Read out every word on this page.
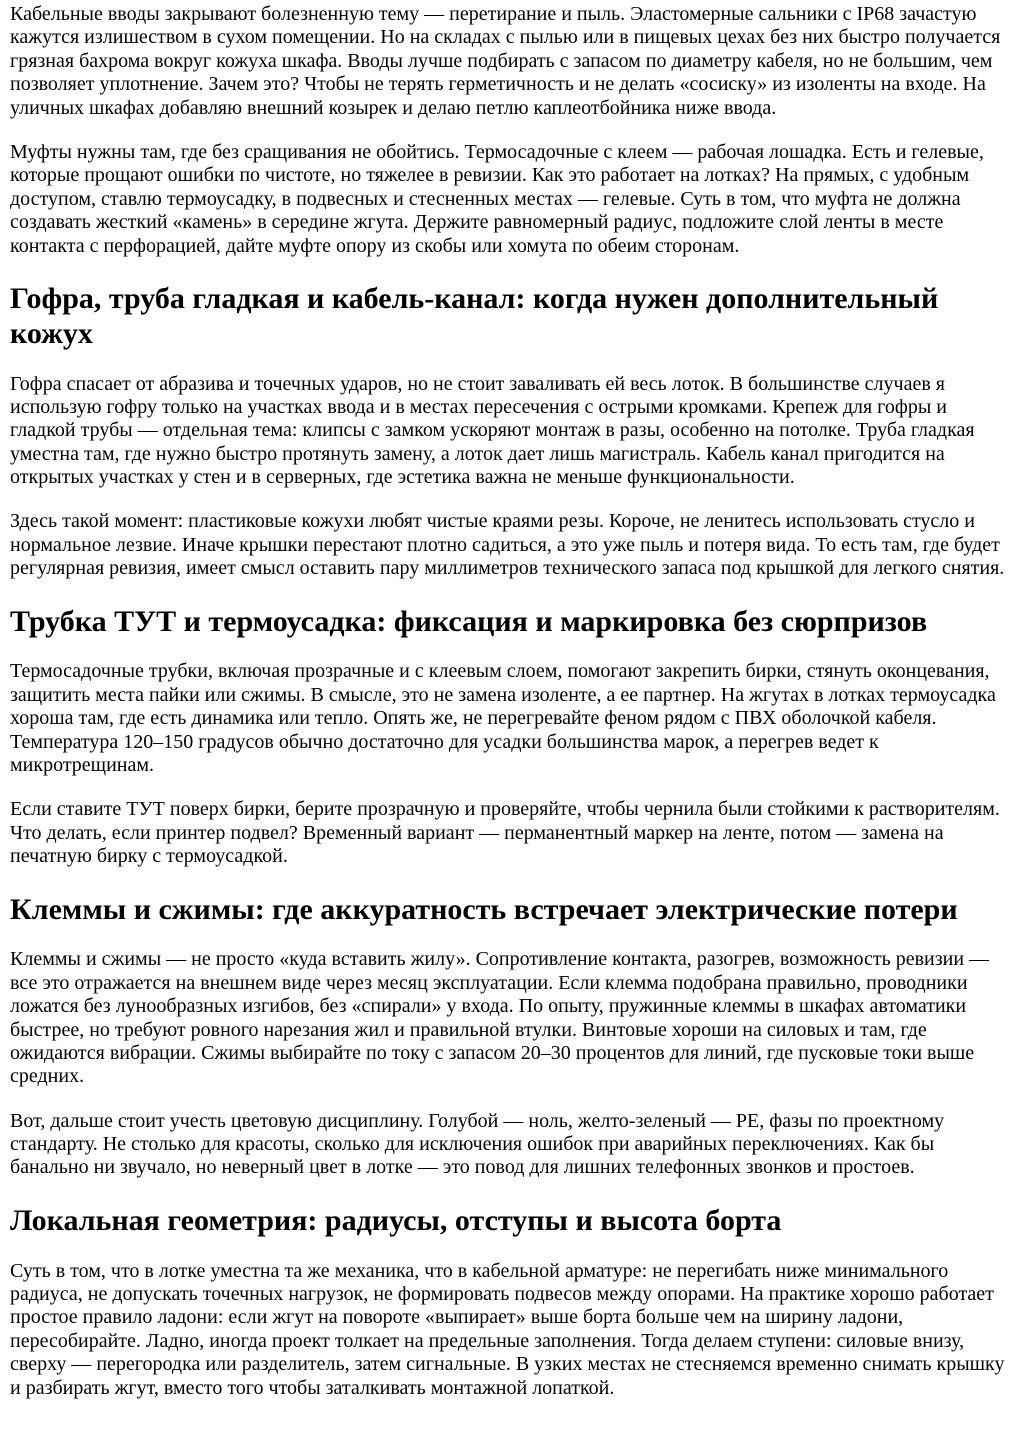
Кабельные вводы закрывают болезненную тему — перетирание и пыль. Эластомерные сальники с IP68 зачастую кажутся излишеством в сухом помещении. Но на складах с пылью или в пищевых цехах без них быстро получается грязная бахрома вокруг кожуха шкафа. Вводы лучше подбирать с запасом по диаметру кабеля, но не большим, чем позволяет уплотнение. Зачем это? Чтобы не терять герметичность и не делать «сосиску» из изоленты на входе. На уличных шкафах добавляю внешний козырек и делаю петлю каплеотбойника ниже ввода.

Муфты нужны там, где без сращивания не обойтись. Термосадочные с клеем — рабочая лошадка. Есть и гелевые, которые прощают ошибки по чистоте, но тяжелее в ревизии. Как это работает на лотках? На прямых, с удобным доступом, ставлю термоусадку, в подвесных и стесненных местах — гелевые. Суть в том, что муфта не должна создавать жесткий «камень» в середине жгута. Держите равномерный радиус, подложите слой ленты в месте контакта с перфорацией, дайте муфте опору из скобы или хомута по обеим сторонам.

Гофра, труба гладкая и кабель-канал: когда нужен дополнительный кожух

Гофра спасает от абразива и точечных ударов, но не стоит заваливать ей весь лоток. В большинстве случаев я использую гофру только на участках ввода и в местах пересечения с острыми кромками. Крепеж для гофры и гладкой трубы — отдельная тема: клипсы с замком ускоряют монтаж в разы, особенно на потолке. Труба гладкая уместна там, где нужно быстро протянуть замену, а лоток дает лишь магистраль. Кабель канал пригодится на открытых участках у стен и в серверных, где эстетика важна не меньше функциональности.

Здесь такой момент: пластиковые кожухи любят чистые краями резы. Короче, не ленитесь использовать стусло и нормальное лезвие. Иначе крышки перестают плотно садиться, а это уже пыль и потеря вида. То есть там, где будет регулярная ревизия, имеет смысл оставить пару миллиметров технического запаса под крышкой для легкого снятия.

Трубка ТУТ и термоусадка: фиксация и маркировка без сюрпризов

Термосадочные трубки, включая прозрачные и с клеевым слоем, помогают закрепить бирки, стянуть оконцевания, защитить места пайки или сжимы. В смысле, это не замена изоленте, а ее партнер. На жгутах в лотках термоусадка хороша там, где есть динамика или тепло. Опять же, не перегревайте феном рядом с ПВХ оболочкой кабеля. Температура 120–150 градусов обычно достаточно для усадки большинства марок, а перегрев ведет к микротрещинам.

Если ставите ТУТ поверх бирки, берите прозрачную и проверяйте, чтобы чернила были стойкими к растворителям. Что делать, если принтер подвел? Временный вариант — перманентный маркер на ленте, потом — замена на печатную бирку с термоусадкой.

Клеммы и сжимы: где аккуратность встречает электрические потери

Клеммы и сжимы — не просто «куда вставить жилу». Сопротивление контакта, разогрев, возможность ревизии — все это отражается на внешнем виде через месяц эксплуатации. Если клемма подобрана правильно, проводники ложатся без лунообразных изгибов, без «спирали» у входа. По опыту, пружинные клеммы в шкафах автоматики быстрее, но требуют ровного нарезания жил и правильной втулки. Винтовые хороши на силовых и там, где ожидаются вибрации. Сжимы выбирайте по току с запасом 20–30 процентов для линий, где пусковые токи выше средних.

Вот, дальше стоит учесть цветовую дисциплину. Голубой — ноль, желто-зеленый — PE, фазы по проектному стандарту. Не столько для красоты, сколько для исключения ошибок при аварийных переключениях. Как бы банально ни звучало, но неверный цвет в лотке — это повод для лишних телефонных звонков и простоев.

Локальная геометрия: радиусы, отступы и высота борта

Суть в том, что в лотке уместна та же механика, что в кабельной арматуре: не перегибать ниже минимального радиуса, не допускать точечных нагрузок, не формировать подвесов между опорами. На практике хорошо работает простое правило ладони: если жгут на повороте «выпирает» выше борта больше чем на ширину ладони, пересобирайте. Ладно, иногда проект толкает на предельные заполнения. Тогда делаем ступени: силовые внизу, сверху — перегородка или разделитель, затем сигнальные. В узких местах не стесняемся временно снимать крышку и разбирать жгут, вместо того чтобы заталкивать монтажной лопаткой.
